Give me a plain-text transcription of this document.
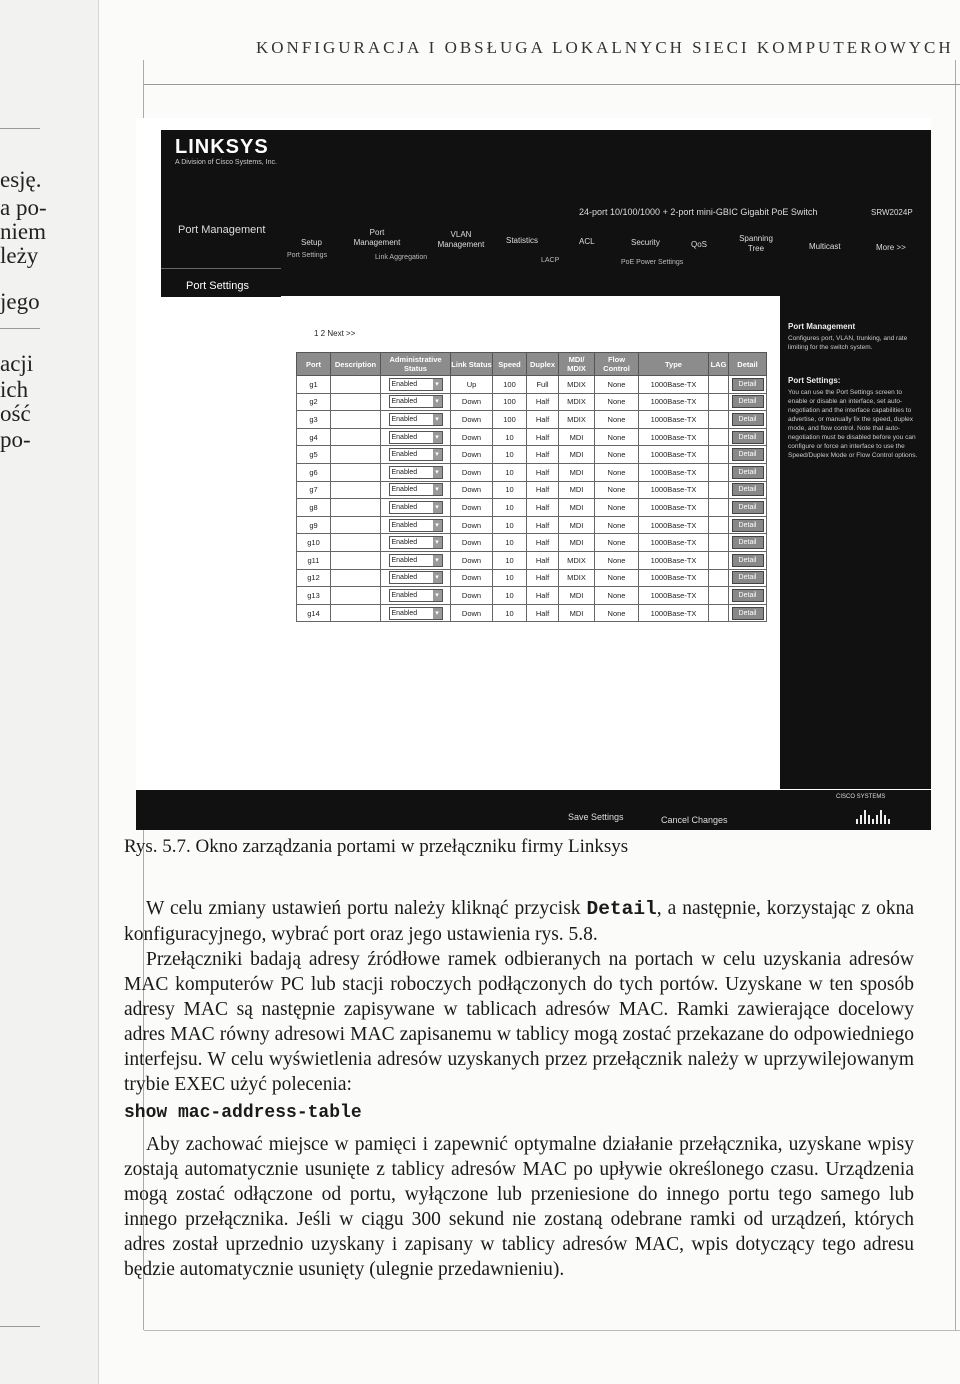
esję.
a po-
niem
leży
jego
acji
ich
ość
po-
KONFIGURACJA I OBSŁUGA LOKALNYCH SIECI KOMPUTEROWYCH
LINKSYS
A Division of Cisco Systems, Inc.
24-port 10/100/1000 + 2-port mini-GBIC Gigabit PoE Switch	SRW2024P
Port Management
Setup
Port Management
VLAN Management	Statistics	ACL	Security	QoS
Spanning Tree	Multicast	More >>
Port Settings	Link Aggregation	LACP	PoE Power Settings
Port Settings
1 2 Next >>
Port	Description	Administrative Status	Link Status	Speed	Duplex	MDI/ MDIX	Flow Control	Type	LAG	Detail
g1		Enabled ▾	Up	100	Full	MDIX	None	1000Base-TX		Detail
g2		Enabled ▾	Down	100	Half	MDIX	None	1000Base-TX		Detail
g3		Enabled ▾	Down	100	Half	MDIX	None	1000Base-TX		Detail
g4		Enabled ▾	Down	10	Half	MDI	None	1000Base-TX		Detail
g5		Enabled ▾	Down	10	Half	MDI	None	1000Base-TX		Detail
g6		Enabled ▾	Down	10	Half	MDI	None	1000Base-TX		Detail
g7		Enabled ▾	Down	10	Half	MDI	None	1000Base-TX		Detail
g8		Enabled ▾	Down	10	Half	MDI	None	1000Base-TX		Detail
g9		Enabled ▾	Down	10	Half	MDI	None	1000Base-TX		Detail
g10		Enabled ▾	Down	10	Half	MDI	None	1000Base-TX		Detail
g11		Enabled ▾	Down	10	Half	MDIX	None	1000Base-TX		Detail
g12		Enabled ▾	Down	10	Half	MDIX	None	1000Base-TX		Detail
g13		Enabled ▾	Down	10	Half	MDI	None	1000Base-TX		Detail
g14		Enabled ▾	Down	10	Half	MDI	None	1000Base-TX		Detail
Port Management
Configures port, VLAN, trunking, and rate limiting for the switch system.
Port Settings:
You can use the Port Settings screen to enable or disable an interface, set auto-negotiation and the interface capabilities to advertise, or manually fix the speed, duplex mode, and flow control. Note that auto-negotiation must be disabled before you can configure or force an interface to use the Speed/Duplex Mode or Flow Control options.
Save Settings	Cancel Changes
CISCO SYSTEMS
Rys. 5.7. Okno zarządzania portami w przełączniku firmy Linksys

W celu zmiany ustawień portu należy kliknąć przycisk Detail, a następnie, korzystając z okna konfiguracyjnego, wybrać port oraz jego ustawienia rys. 5.8.

Przełączniki badają adresy źródłowe ramek odbieranych na portach w celu uzyskania adresów MAC komputerów PC lub stacji roboczych podłączonych do tych portów. Uzyskane w ten sposób adresy MAC są następnie zapisywane w tablicach adresów MAC. Ramki zawierające docelowy adres MAC równy adresowi MAC zapisanemu w tablicy mogą zostać przekazane do odpowiedniego interfejsu. W celu wyświetlenia adresów uzyskanych przez przełącznik należy w uprzywilejowanym trybie EXEC użyć polecenia:

show mac-address-table

Aby zachować miejsce w pamięci i zapewnić optymalne działanie przełącznika, uzyskane wpisy zostają automatycznie usunięte z tablicy adresów MAC po upływie określonego czasu. Urządzenia mogą zostać odłączone od portu, wyłączone lub przeniesione do innego portu tego samego lub innego przełącznika. Jeśli w ciągu 300 sekund nie zostaną odebrane ramki od urządzeń, których adres został uprzednio uzyskany i zapisany w tablicy adresów MAC, wpis dotyczący tego adresu będzie automatycznie usunięty (ulegnie przedawnieniu).
